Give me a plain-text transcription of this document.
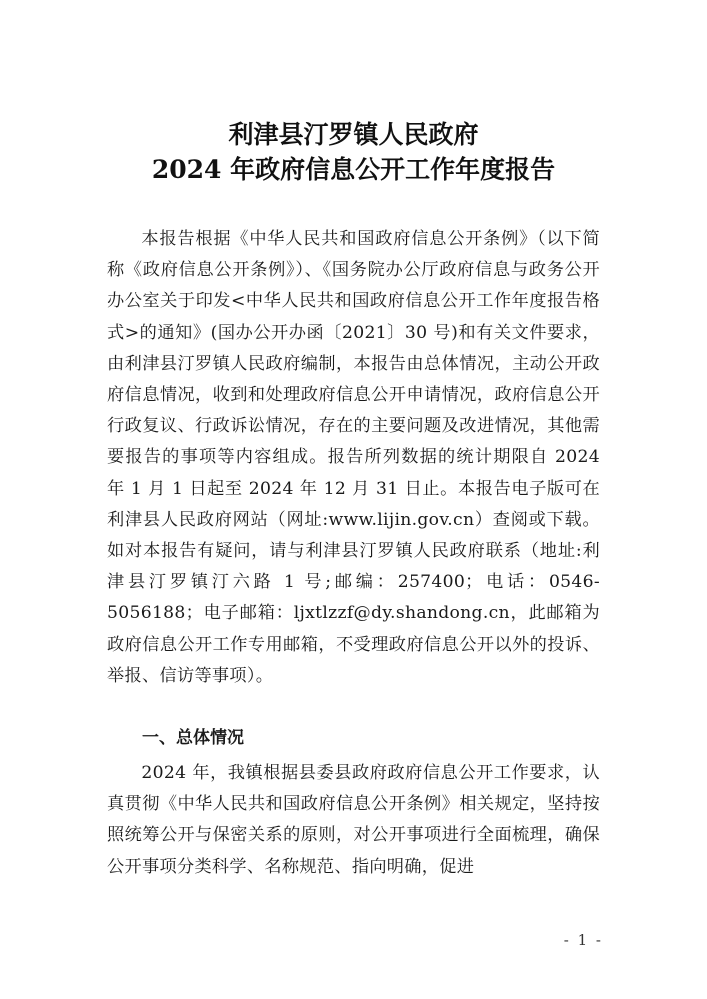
利津县汀罗镇人民政府
2024 年政府信息公开工作年度报告
本报告根据《中华人民共和国政府信息公开条例》（以下简称《政府信息公开条例》）、《国务院办公厅政府信息与政务公开办公室关于印发<中华人民共和国政府信息公开工作年度报告格式>的通知》(国办公开办函〔2021〕30 号)和有关文件要求，由利津县汀罗镇人民政府编制，本报告由总体情况，主动公开政府信息情况，收到和处理政府信息公开申请情况，政府信息公开行政复议、行政诉讼情况，存在的主要问题及改进情况，其他需要报告的事项等内容组成。报告所列数据的统计期限自 2024 年 1 月 1 日起至 2024 年 12 月 31 日止。本报告电子版可在利津县人民政府网站（网址:www.lijin.gov.cn）查阅或下载。如对本报告有疑问，请与利津县汀罗镇人民政府联系（地址:利津县汀罗镇汀六路 1 号;邮编：257400；电话：0546-5056188；电子邮箱：ljxtlzzf@dy.shandong.cn，此邮箱为政府信息公开工作专用邮箱，不受理政府信息公开以外的投诉、举报、信访等事项）。
一、总体情况
2024 年，我镇根据县委县政府政府信息公开工作要求，认真贯彻《中华人民共和国政府信息公开条例》相关规定，坚持按照统筹公开与保密关系的原则，对公开事项进行全面梳理，确保公开事项分类科学、名称规范、指向明确，促进
- 1 -
